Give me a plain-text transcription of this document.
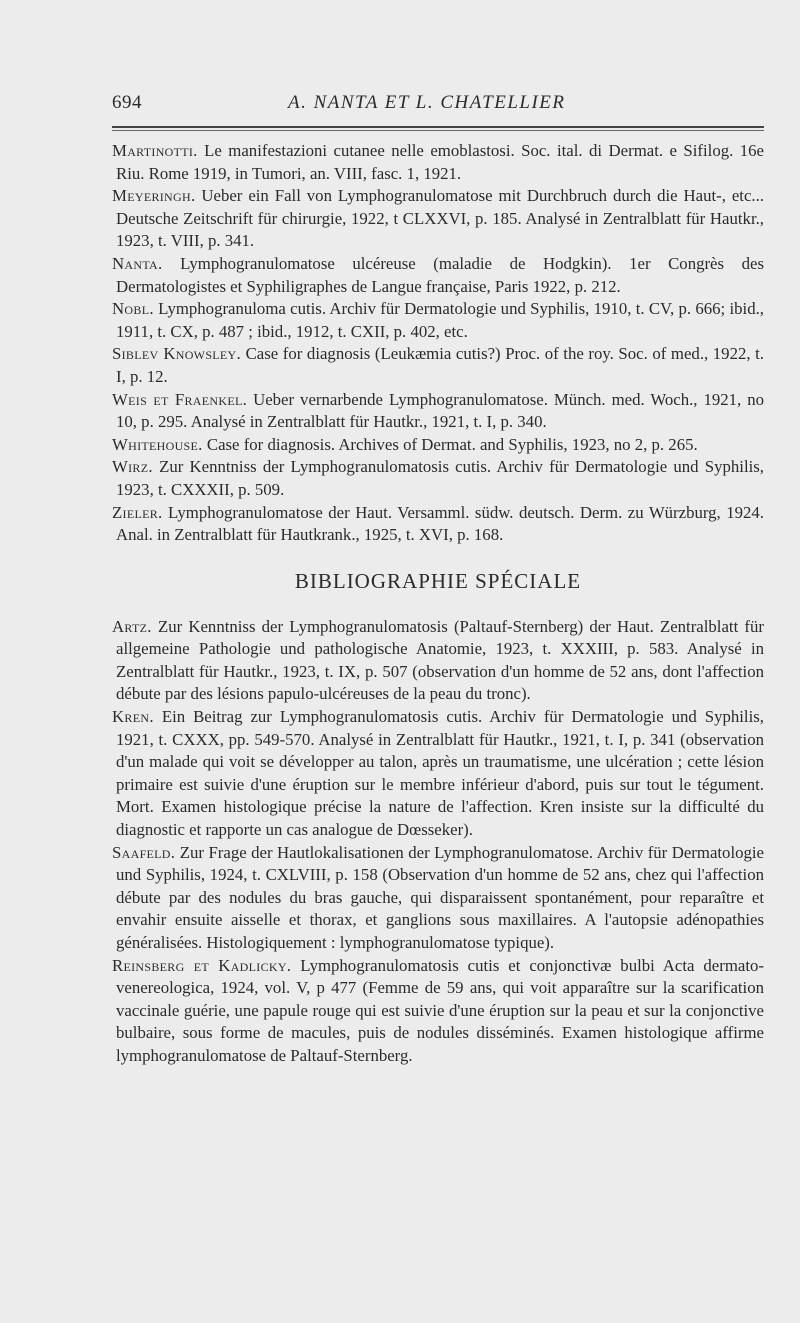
694	A. NANTA ET L. CHATELLIER

Martinotti. Le manifestazioni cutanee nelle emoblastosi. Soc. ital. di Dermat. e Sifilog. 16e Riu. Rome 1919, in Tumori, an. VIII, fasc. 1, 1921.

Meyeringh. Ueber ein Fall von Lymphogranulomatose mit Durchbruch durch die Haut-, etc... Deutsche Zeitschrift für chirurgie, 1922, t CLXXVI, p. 185. Analysé in Zentralblatt für Hautkr., 1923, t. VIII, p. 341.

Nanta. Lymphogranulomatose ulcéreuse (maladie de Hodgkin). 1er Congrès des Dermatologistes et Syphiligraphes de Langue française, Paris 1922, p. 212.

Nobl. Lymphogranuloma cutis. Archiv für Dermatologie und Syphilis, 1910, t. CV, p. 666; ibid., 1911, t. CX, p. 487 ; ibid., 1912, t. CXII, p. 402, etc.

Siblev Knowsley. Case for diagnosis (Leukæmia cutis?) Proc. of the roy. Soc. of med., 1922, t. I, p. 12.

Weis et Fraenkel. Ueber vernarbende Lymphogranulomatose. Münch. med. Woch., 1921, no 10, p. 295. Analysé in Zentralblatt für Hautkr., 1921, t. I, p. 340.

Whitehouse. Case for diagnosis. Archives of Dermat. and Syphilis, 1923, no 2, p. 265.

Wirz. Zur Kenntniss der Lymphogranulomatosis cutis. Archiv für Dermatologie und Syphilis, 1923, t. CXXXII, p. 509.

Zieler. Lymphogranulomatose der Haut. Versamml. südw. deutsch. Derm. zu Würzburg, 1924. Anal. in Zentralblatt für Hautkrank., 1925, t. XVI, p. 168.

BIBLIOGRAPHIE SPÉCIALE

Artz. Zur Kenntniss der Lymphogranulomatosis (Paltauf-Sternberg) der Haut. Zentralblatt für allgemeine Pathologie und pathologische Anatomie, 1923, t. XXXIII, p. 583. Analysé in Zentralblatt für Hautkr., 1923, t. IX, p. 507 (observation d'un homme de 52 ans, dont l'affection débute par des lésions papulo-ulcéreuses de la peau du tronc).

Kren. Ein Beitrag zur Lymphogranulomatosis cutis. Archiv für Dermatologie und Syphilis, 1921, t. CXXX, pp. 549-570. Analysé in Zentralblatt für Hautkr., 1921, t. I, p. 341 (observation d'un malade qui voit se développer au talon, après un traumatisme, une ulcération ; cette lésion primaire est suivie d'une éruption sur le membre inférieur d'abord, puis sur tout le tégument. Mort. Examen histologique précise la nature de l'affection. Kren insiste sur la difficulté du diagnostic et rapporte un cas analogue de Dœsseker).

Saafeld. Zur Frage der Hautlokalisationen der Lymphogranulomatose. Archiv für Dermatologie und Syphilis, 1924, t. CXLVIII, p. 158 (Observation d'un homme de 52 ans, chez qui l'affection débute par des nodules du bras gauche, qui disparaissent spontanément, pour reparaître et envahir ensuite aisselle et thorax, et ganglions sous maxillaires. A l'autopsie adénopathies généralisées. Histologiquement : lymphogranulomatose typique).

Reinsberg et Kadlicky. Lymphogranulomatosis cutis et conjonctivæ bulbi Acta dermato-venereologica, 1924, vol. V, p 477 (Femme de 59 ans, qui voit apparaître sur la scarification vaccinale guérie, une papule rouge qui est suivie d'une éruption sur la peau et sur la conjonctive bulbaire, sous forme de macules, puis de nodules disséminés. Examen histologique affirme lymphogranulomatose de Paltauf-Sternberg.
